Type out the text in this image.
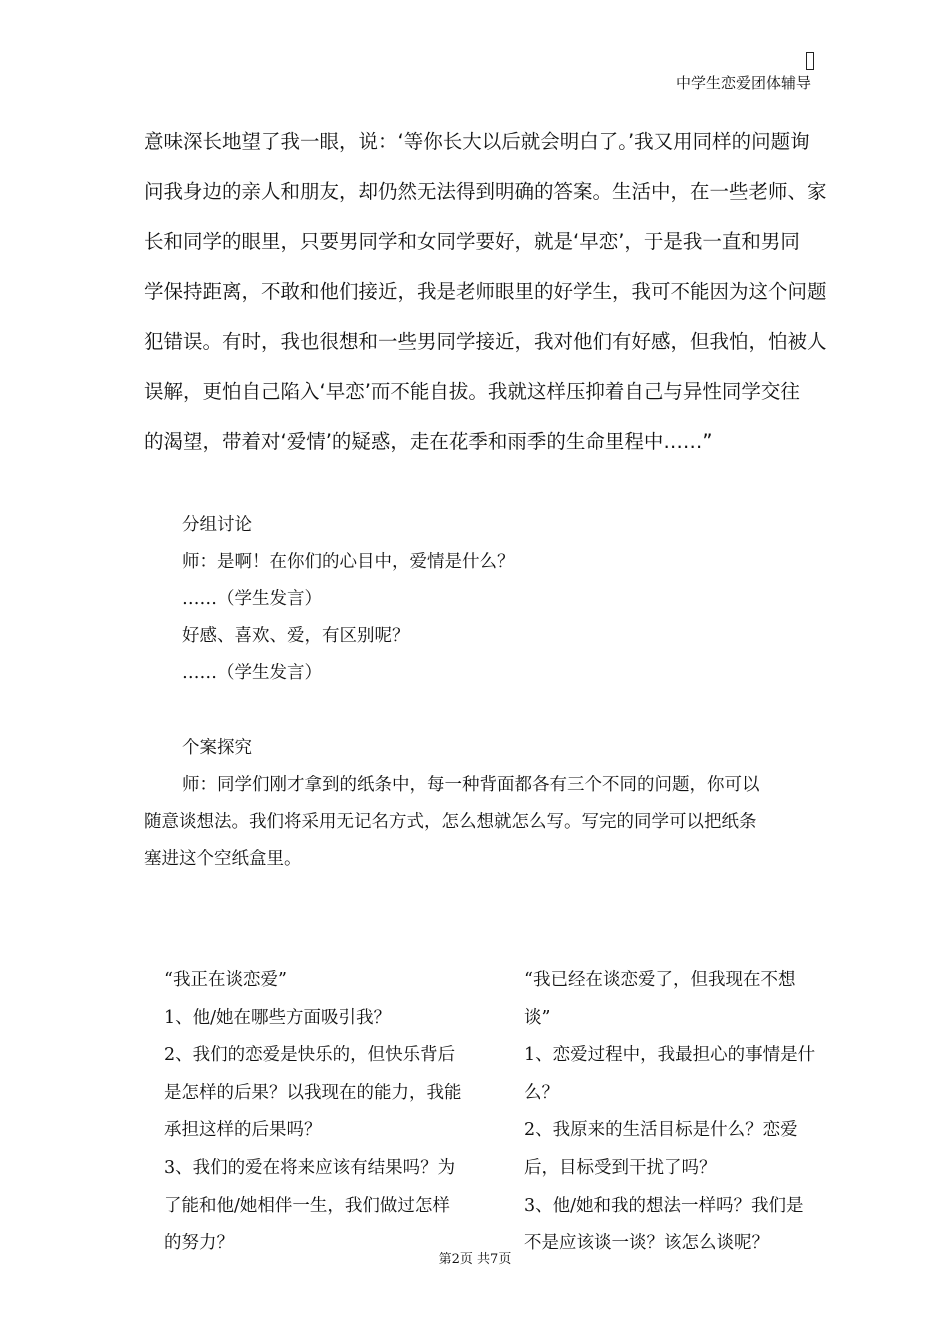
中学生恋爱团体辅导
意味深长地望了我一眼，说：‘等你长大以后就会明白了。’我又用同样的问题询
问我身边的亲人和朋友，却仍然无法得到明确的答案。生活中，在一些老师、家
长和同学的眼里，只要男同学和女同学要好，就是‘早恋’，于是我一直和男同
学保持距离，不敢和他们接近，我是老师眼里的好学生，我可不能因为这个问题
犯错误。有时，我也很想和一些男同学接近，我对他们有好感，但我怕，怕被人
误解，更怕自己陷入‘早恋’而不能自拔。我就这样压抑着自己与异性同学交往
的渴望，带着对‘爱情’的疑惑，走在花季和雨季的生命里程中……”
分组讨论
师：是啊！在你们的心目中，爱情是什么？
……（学生发言）
好感、喜欢、爱，有区别呢？
……（学生发言）
个案探究
师：同学们刚才拿到的纸条中，每一种背面都各有三个不同的问题，你可以
随意谈想法。我们将采用无记名方式，怎么想就怎么写。写完的同学可以把纸条
塞进这个空纸盒里。
“我正在谈恋爱”
1、他/她在哪些方面吸引我？
2、我们的恋爱是快乐的，但快乐背后
是怎样的后果？以我现在的能力，我能
承担这样的后果吗？
3、我们的爱在将来应该有结果吗？为
了能和他/她相伴一生，我们做过怎样
的努力？
“我已经在谈恋爱了，但我现在不想
谈”
1、恋爱过程中，我最担心的事情是什
么？
2、我原来的生活目标是什么？恋爱
后，目标受到干扰了吗？
3、他/她和我的想法一样吗？我们是
不是应该谈一谈？该怎么谈呢？
第2页 共7页
